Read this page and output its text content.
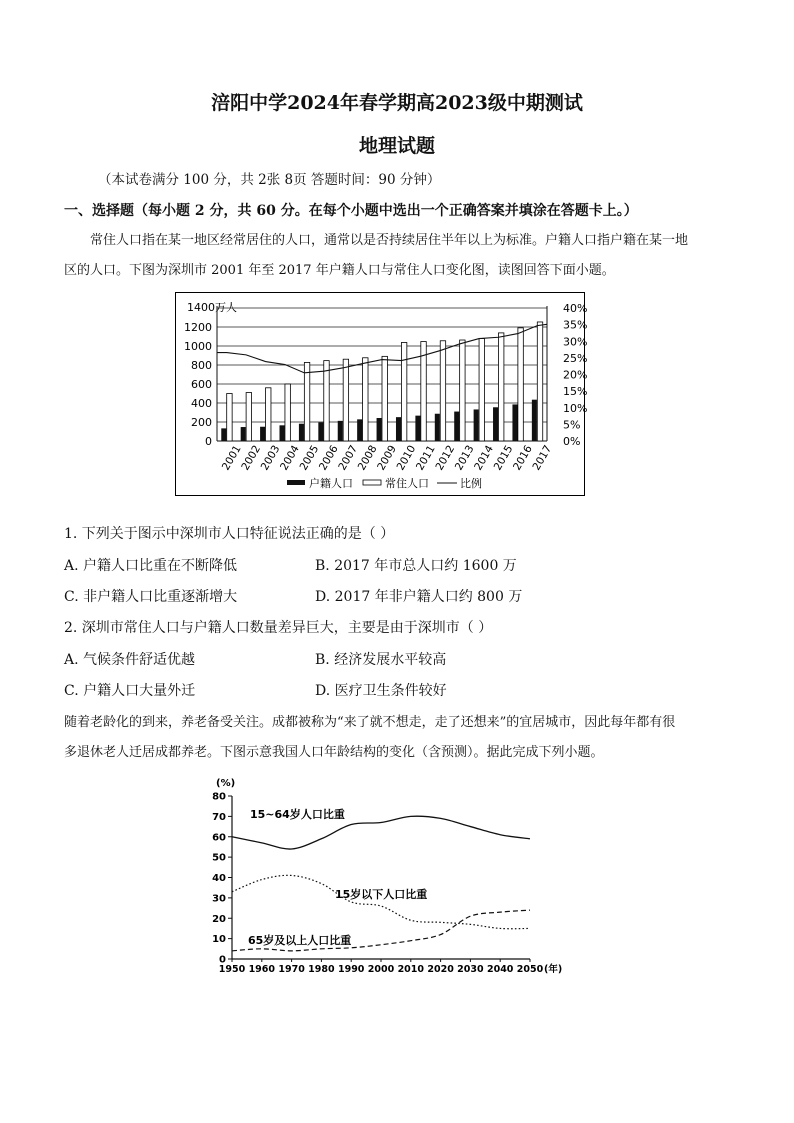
涪阳中学2024年春学期高2023级中期测试
地理试题
（本试卷满分 100 分，共 2张 8页 答题时间：90 分钟）
一、选择题（每小题 2 分，共 60 分。在每个小题中选出一个正确答案并填涂在答题卡上。）
常住人口指在某一地区经常居住的人口，通常以是否持续居住半年以上为标准。户籍人口指户籍在某一地
区的人口。下图为深圳市 2001 年至 2017 年户籍人口与常住人口变化图，读图回答下面小题。
0
200
400
600
800
1000
1200
0%
5%
10%
15%
20%
25%
30%
35%
40%
1400万人
2001
2002
2003
2004
2005
2006
2007
2008
2009
2010
2011
2012
2013
2014
2015
2016
2017
户籍人口	常住人口	比例
1. 下列关于图示中深圳市人口特征说法正确的是（ ）
A. 户籍人口比重在不断降低	B. 2017 年市总人口约 1600 万
C. 非户籍人口比重逐渐增大	D. 2017 年非户籍人口约 800 万
2. 深圳市常住人口与户籍人口数量差异巨大，主要是由于深圳市（ ）
A. 气候条件舒适优越	B. 经济发展水平较高
C. 户籍人口大量外迁	D. 医疗卫生条件较好
随着老龄化的到来，养老备受关注。成都被称为“来了就不想走，走了还想来”的宜居城市，因此每年都有很
多退休老人迁居成都养老。下图示意我国人口年龄结构的变化（含预测）。据此完成下列小题。
(%)
0
10
20
30
40
50
60
70
80
1950 1960 1970 1980 1990 2000 2010 2020 2030 2040 2050 (年)
15~64岁人口比重
15岁以下人口比重
65岁及以上人口比重
